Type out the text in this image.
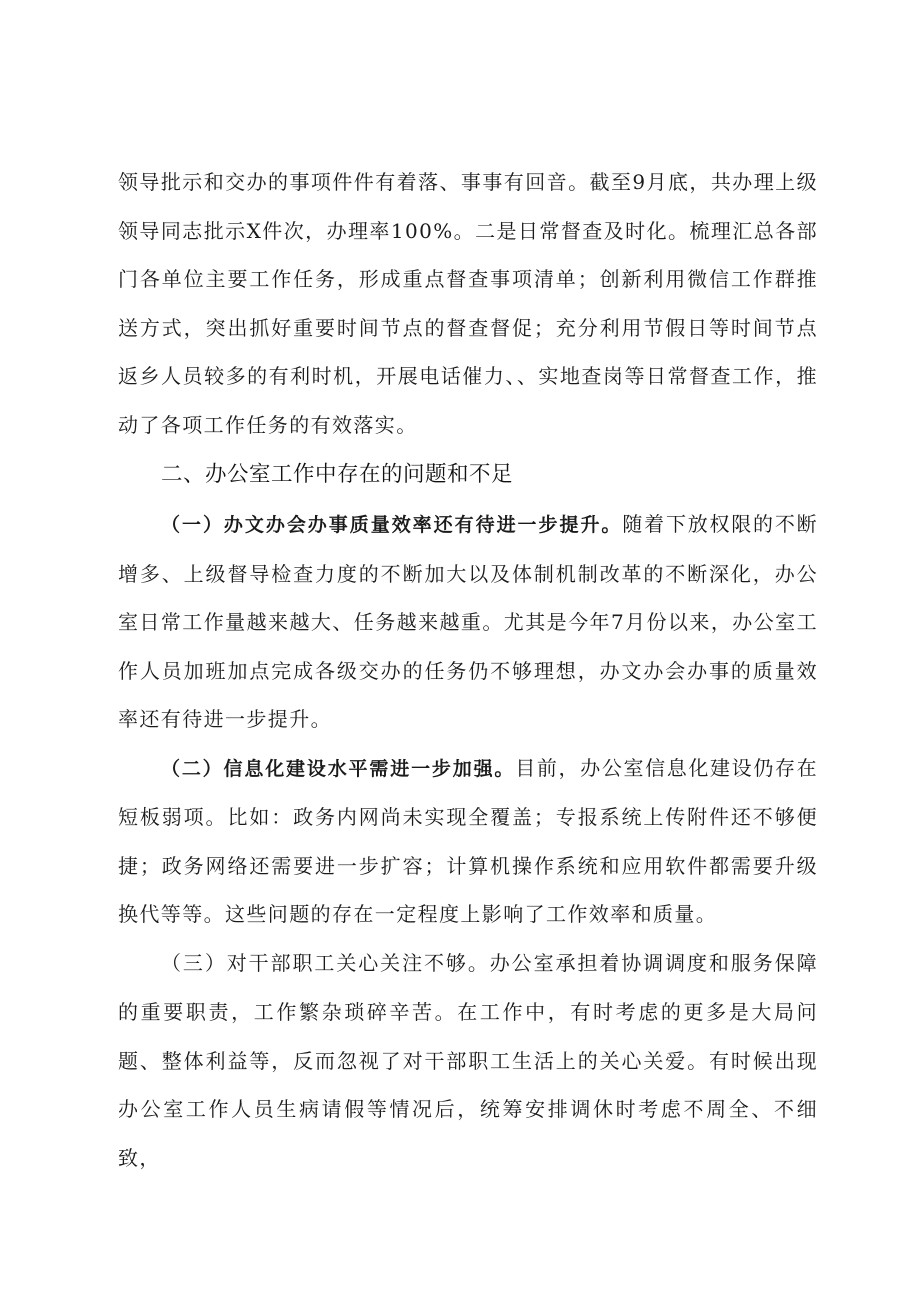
领导批示和交办的事项件件有着落、事事有回音。截至9月底，共办理上级领导同志批示X件次，办理率100%。二是日常督查及时化。梳理汇总各部门各单位主要工作任务，形成重点督查事项清单；创新利用微信工作群推送方式，突出抓好重要时间节点的督查督促；充分利用节假日等时间节点返乡人员较多的有利时机，开展电话催力、、实地查岗等日常督查工作，推动了各项工作任务的有效落实。

二、办公室工作中存在的问题和不足

（一）办文办会办事质量效率还有待进一步提升。随着下放权限的不断增多、上级督导检查力度的不断加大以及体制机制改革的不断深化，办公室日常工作量越来越大、任务越来越重。尤其是今年7月份以来，办公室工作人员加班加点完成各级交办的任务仍不够理想，办文办会办事的质量效率还有待进一步提升。

（二）信息化建设水平需进一步加强。目前，办公室信息化建设仍存在短板弱项。比如：政务内网尚未实现全覆盖；专报系统上传附件还不够便捷；政务网络还需要进一步扩容；计算机操作系统和应用软件都需要升级换代等等。这些问题的存在一定程度上影响了工作效率和质量。

（三）对干部职工关心关注不够。办公室承担着协调调度和服务保障的重要职责，工作繁杂琐碎辛苦。在工作中，有时考虑的更多是大局问题、整体利益等，反而忽视了对干部职工生活上的关心关爱。有时候出现办公室工作人员生病请假等情况后，统筹安排调休时考虑不周全、不细致，
